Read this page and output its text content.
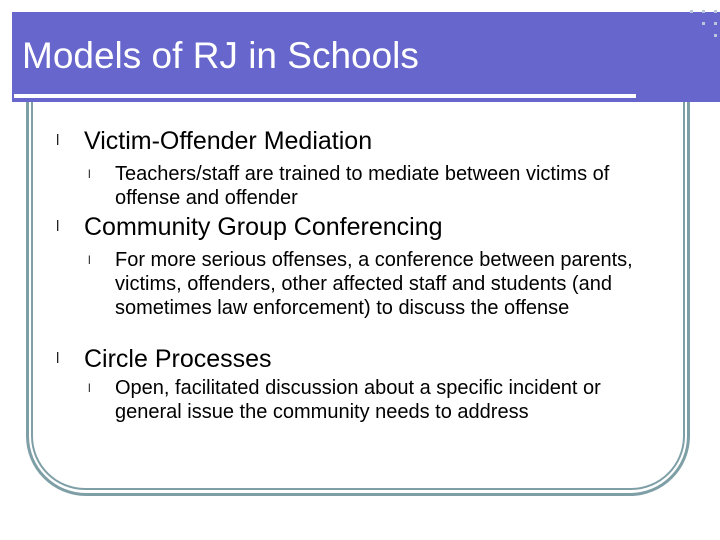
Models of RJ in Schools
l Victim-Offender Mediation
l Teachers/staff are trained to mediate between victims of offense and offender
l Community Group Conferencing
l For more serious offenses, a conference between parents, victims, offenders, other affected staff and students (and sometimes law enforcement) to discuss the offense
l Circle Processes
l Open, facilitated discussion about a specific incident or general issue the community needs to address
